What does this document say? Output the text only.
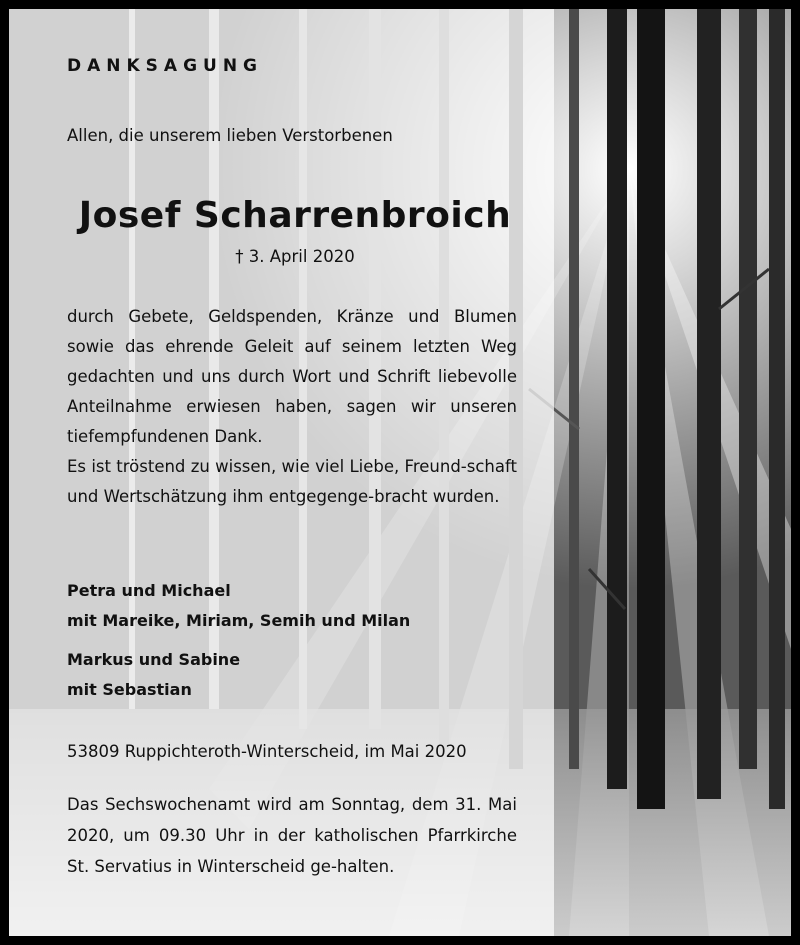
DANKSAGUNG
Allen, die unserem lieben Verstorbenen
Josef Scharrenbroich
† 3. April 2020

durch Gebete, Geldspenden, Kränze und Blumen sowie das ehrende Geleit auf seinem letzten Weg gedachten und uns durch Wort und Schrift liebevolle Anteilnahme erwiesen haben, sagen wir unseren tiefempfundenen Dank.

Es ist tröstend zu wissen, wie viel Liebe, Freund-schaft und Wertschätzung ihm entgegenge-bracht wurden.

Petra und Michael
mit Mareike, Miriam, Semih und Milan
Markus und Sabine
mit Sebastian
53809 Ruppichteroth-Winterscheid, im Mai 2020
Das Sechswochenamt wird am Sonntag, dem 31. Mai 2020, um 09.30 Uhr in der katholischen Pfarrkirche St. Servatius in Winterscheid ge-halten.
